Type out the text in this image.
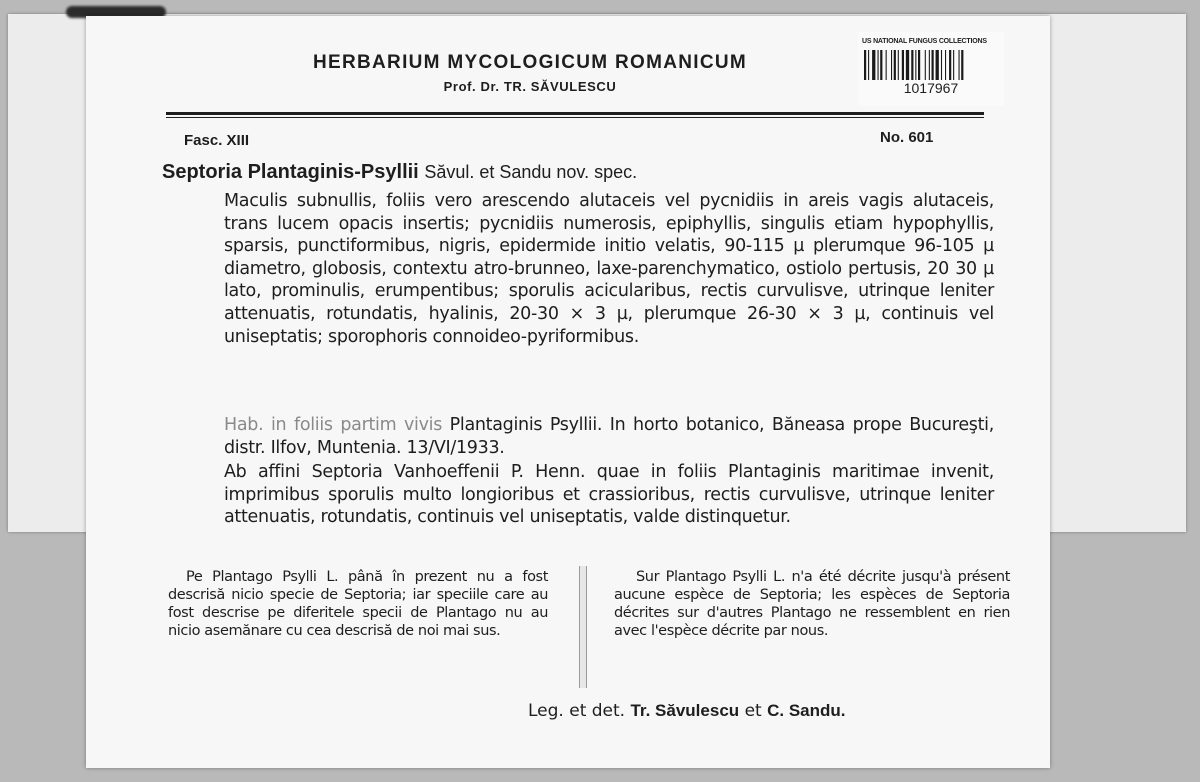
HERBARIUM MYCOLOGICUM ROMANICUM
Prof. Dr. TR. SĂVULESCU
US NATIONAL FUNGUS COLLECTIONS
1017967
Fasc. XIII	No. 601
Septoria Plantaginis-Psyllii Săvul. et Sandu nov. spec.
Maculis subnullis, foliis vero arescendo alutaceis vel pycnidiis in areis vagis alutaceis, trans lucem opacis insertis; pycnidiis numerosis, epiphyllis, singulis etiam hypophyllis, sparsis, punctiformibus, nigris, epidermide initio velatis, 90-115 µ plerumque 96-105 µ diametro, globosis, contextu atro-brunneo, laxe-parenchymatico, ostiolo pertusis, 20 30 µ lato, prominulis, erumpentibus; sporulis acicularibus, rectis curvulisve, utrinque leniter attenuatis, rotundatis, hyalinis, 20-30 × 3 µ, plerumque 26-30 × 3 µ, continuis vel uniseptatis; sporophoris connoideo-pyriformibus.
Hab. in foliis partim vivis Plantaginis Psyllii. In horto botanico, Băneasa prope Bucureşti, distr. Ilfov, Muntenia. 13/VI/1933.
Ab affini Septoria Vanhoeffenii P. Henn. quae in foliis Plantaginis maritimae invenit, imprimibus sporulis multo longioribus et crassioribus, rectis curvulisve, utrinque leniter attenuatis, rotundatis, continuis vel uniseptatis, valde distinquetur.
Pe Plantago Psylli L. până în prezent nu a fost descrisă nicio specie de Septoria; iar speciile care au fost descrise pe diferitele specii de Plantago nu au nicio asemănare cu cea descrisă de noi mai sus.
Sur Plantago Psylli L. n'a été décrite jusqu'à présent aucune espèce de Septoria; les espèces de Septoria décrites sur d'autres Plantago ne ressemblent en rien avec l'espèce décrite par nous.
Leg. et det. Tr. Săvulescu et C. Sandu.
